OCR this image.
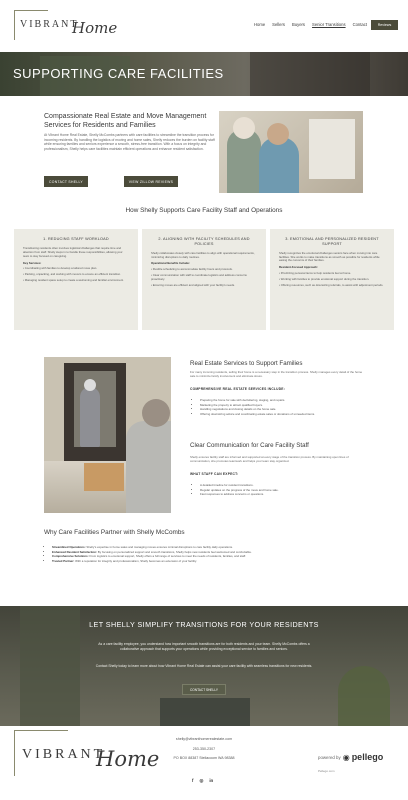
VIBRANT
Home	Home Sellers Buyers Senior Transitions Contact	Reviews
SUPPORTING CARE FACILITIES
Compassionate Real Estate and Move Management Services for Residents and Families
At Vibrant Home Real Estate, Shelly McCombs partners with care facilities to streamline the transition process for incoming residents. By handling the logistics of moving and home sales, Shelly reduces the burden on facility staff while ensuring families and seniors experience a smooth, stress-free transition. With a focus on integrity and professionalism, Shelly helps care facilities maintain efficient operations and enhance resident satisfaction.
CONTACT SHELLY	VIEW ZILLOW REVIEWS
How Shelly Supports Care Facility Staff and Operations
1. REDUCING STAFF WORKLOAD

Transitioning residents often involves logistical challenges that require time and attention from staff. Shelly steps in to handle these responsibilities, allowing your team to stay focused on caregiving.

Key Services:

• Coordinating with families to develop a tailored move plan.

• Packing, unpacking, and working with movers to ensure an efficient transition.

• Managing resident space setup to create a welcoming and familiar environment.

2. ALIGNING WITH FACILITY SCHEDULES AND POLICIES

Shelly collaborates closely with care facilities to align with operational requirements, minimizing disruptions to daily routines.

Operational Benefits Include:

• Flexible scheduling to accommodate facility hours and protocols.

• Clear communication with staff to coordinate logistics and address concerns proactively.

• Ensuring moves are efficient and aligned with your facility's needs.

3. EMOTIONAL AND PERSONALIZED RESIDENT SUPPORT

Shelly recognizes the emotional challenges seniors face when moving into care facilities. She works to make transitions as smooth as possible for residents while easing the concerns of their families.

Resident-Focused Approach:

• Prioritizing personal items to help residents feel at home.

• Working with families to provide emotional support during the transition.

• Offering resources, such as downsizing referrals, to assist with adjustment periods.

Real Estate Services to Support Families
For many incoming residents, selling their home is a necessary step in the transition process. Shelly manages every detail of the home sale to minimize family involvement and eliminate stress.
COMPREHENSIVE REAL ESTATE SERVICES INCLUDE:
• Preparing the home for sale with decluttering, staging, and repairs.
• Marketing the property to attract qualified buyers.
• Handling negotiations and closing details on the home sale.
• Offering downsizing advice and coordinating estate sales or donations of unneeded items.
Clear Communication for Care Facility Staff
Shelly ensures facility staff are informed and supported at every stage of the transition process. By maintaining open lines of communication, she promotes teamwork and helps your team stay organized.
WHAT STAFF CAN EXPECT:
• A detailed timeline for resident transitions.
• Regular updates on the progress of the move and home sale.
• Fast responses to address concerns or questions.
Why Care Facilities Partner with Shelly McCombs
• Streamlined Operations: Shelly's expertise in home sales and managing moves ensures minimal disruptions to care facility daily operations.
• Enhanced Resident Satisfaction: By focusing on personalized support and smooth transitions, Shelly helps new residents feel welcomed and comfortable.
• Comprehensive Solutions: From logistics to emotional support, Shelly offers a full range of services to meet the needs of residents, families, and staff.
• Trusted Partner: With a reputation for integrity and professionalism, Shelly becomes an extension of your facility.
LET SHELLY SIMPLIFY TRANSITIONS FOR YOUR RESIDENTS
As a care facility employee, you understand how important smooth transitions are for both residents and your team. Shelly McCombs offers a collaborative approach that supports your operations while providing exceptional service to families and seniors.
Contact Shelly today to learn more about how Vibrant Home Real Estate can assist your care facility with seamless transitions for new residents.
CONTACT SHELLY
VIBRANT
Home
shelly@vibranthomerealestate.com
253-350-2307
PO BOX 88387 Steilacoom WA 98388
f ◎ in
powered by ◉ pellego
Pellego.com
